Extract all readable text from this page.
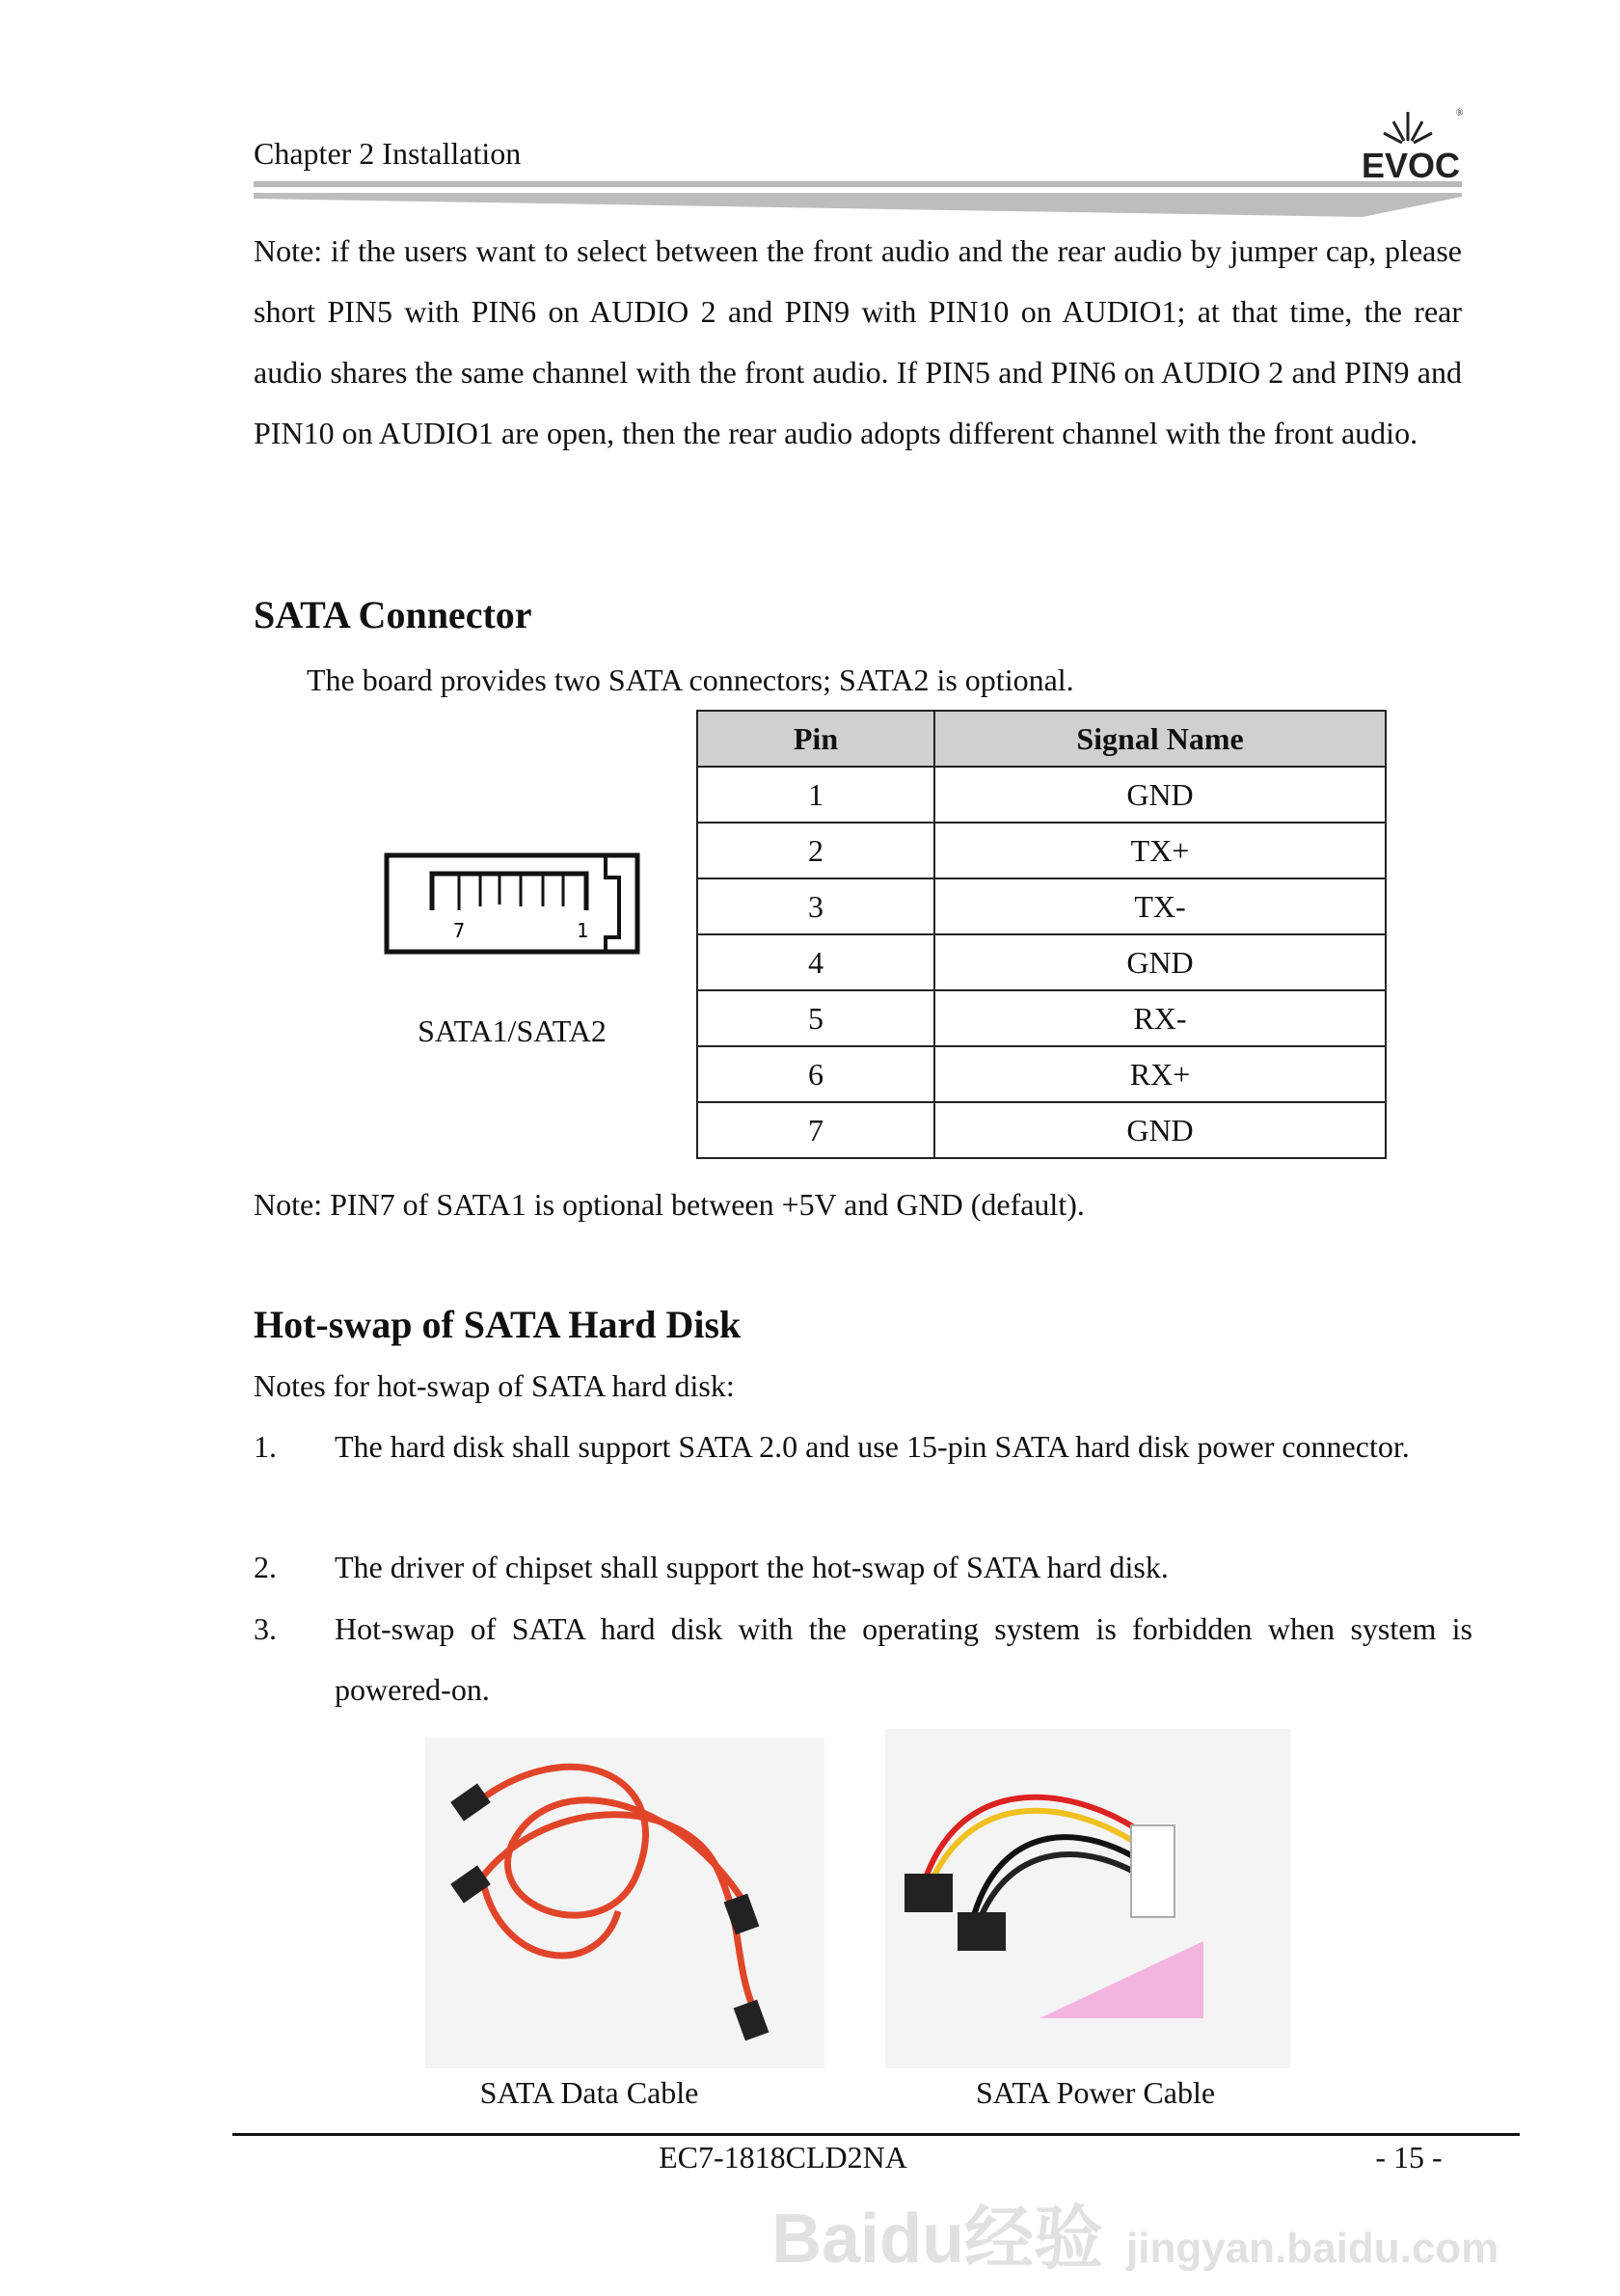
Chapter 2 Installation	EVOC
®
Note: if the users want to select between the front audio and the rear audio by jumper cap, please short PIN5 with PIN6 on AUDIO 2 and PIN9 with PIN10 on AUDIO1; at that time, the rear audio shares the same channel with the front audio. If PIN5 and PIN6 on AUDIO 2 and PIN9 and PIN10 on AUDIO1 are open, then the rear audio adopts different channel with the front audio.
SATA Connector
The board provides two SATA connectors; SATA2 is optional.
7	1
SATA1/SATA2
Pin	Signal Name
1	GND
2	TX+
3	TX-
4	GND
5	RX-
6	RX+
7	GND
Note: PIN7 of SATA1 is optional between +5V and GND (default).
Hot-swap of SATA Hard Disk
Notes for hot-swap of SATA hard disk:
1. The hard disk shall support SATA 2.0 and use 15-pin SATA hard disk power connector.
2. The driver of chipset shall support the hot-swap of SATA hard disk.
3. Hot-swap of SATA hard disk with the operating system is forbidden when system is powered-on.
SATA Data Cable	SATA Power Cable
EC7-1818CLD2NA	- 15 -
Baidu经验 jingyan.baidu.com
